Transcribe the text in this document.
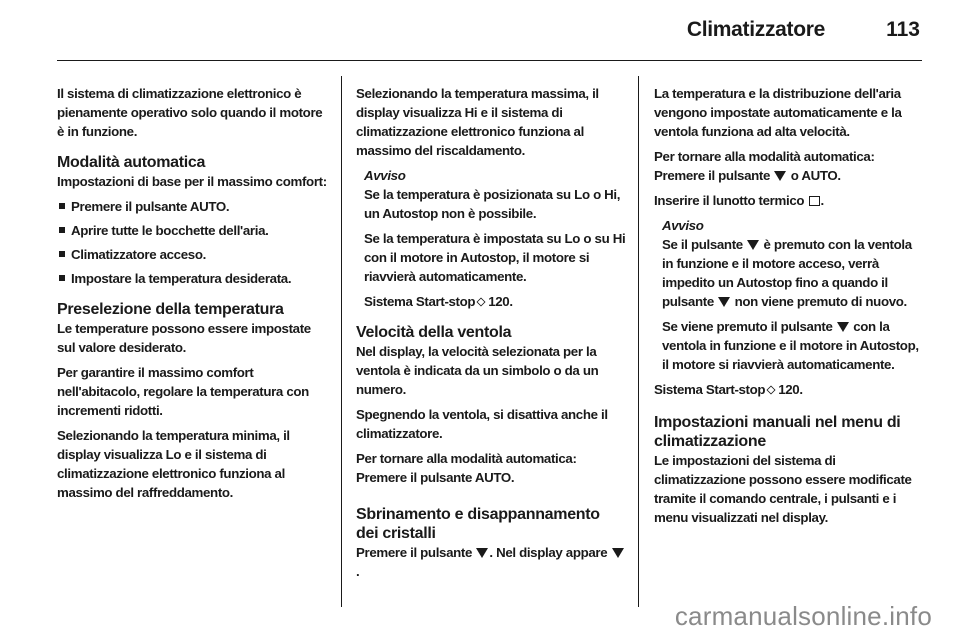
Climatizzatore	113

Il sistema di climatizzazione elettronico è pienamente operativo solo quando il motore è in funzione.

Modalità automatica

Impostazioni di base per il massimo comfort:

Premere il pulsante AUTO.
Aprire tutte le bocchette dell'aria.
Climatizzatore acceso.
Impostare la temperatura desiderata.
Preselezione della temperatura

Le temperature possono essere impostate sul valore desiderato.

Per garantire il massimo comfort nell'abitacolo, regolare la temperatura con incrementi ridotti.

Selezionando la temperatura minima, il display visualizza Lo e il sistema di climatizzazione elettronico funziona al massimo del raffreddamento.

Selezionando la temperatura massima, il display visualizza Hi e il sistema di climatizzazione elettronico funziona al massimo del riscaldamento.

Avviso

Se la temperatura è posizionata su Lo o Hi, un Autostop non è possibile.

Se la temperatura è impostata su Lo o su Hi con il motore in Autostop, il motore si riavvierà automaticamente.

Sistema Start-stop 120.

Velocità della ventola

Nel display, la velocità selezionata per la ventola è indicata da un simbolo o da un numero.

Spegnendo la ventola, si disattiva anche il climatizzatore.

Per tornare alla modalità automatica: Premere il pulsante AUTO.

Sbrinamento e disappannamento dei cristalli

Premere il pulsante . Nel display appare .

La temperatura e la distribuzione dell'aria vengono impostate automaticamente e la ventola funziona ad alta velocità.

Per tornare alla modalità automatica: Premere il pulsante o AUTO.

Inserire il lunotto termico .

Avviso

Se il pulsante è premuto con la ventola in funzione e il motore acceso, verrà impedito un Autostop fino a quando il pulsante non viene premuto di nuovo.

Se viene premuto il pulsante con la ventola in funzione e il motore in Autostop, il motore si riavvierà automaticamente.

Sistema Start-stop 120.

Impostazioni manuali nel menu di climatizzazione

Le impostazioni del sistema di climatizzazione possono essere modificate tramite il comando centrale, i pulsanti e i menu visualizzati nel display.

carmanualsonline.info
